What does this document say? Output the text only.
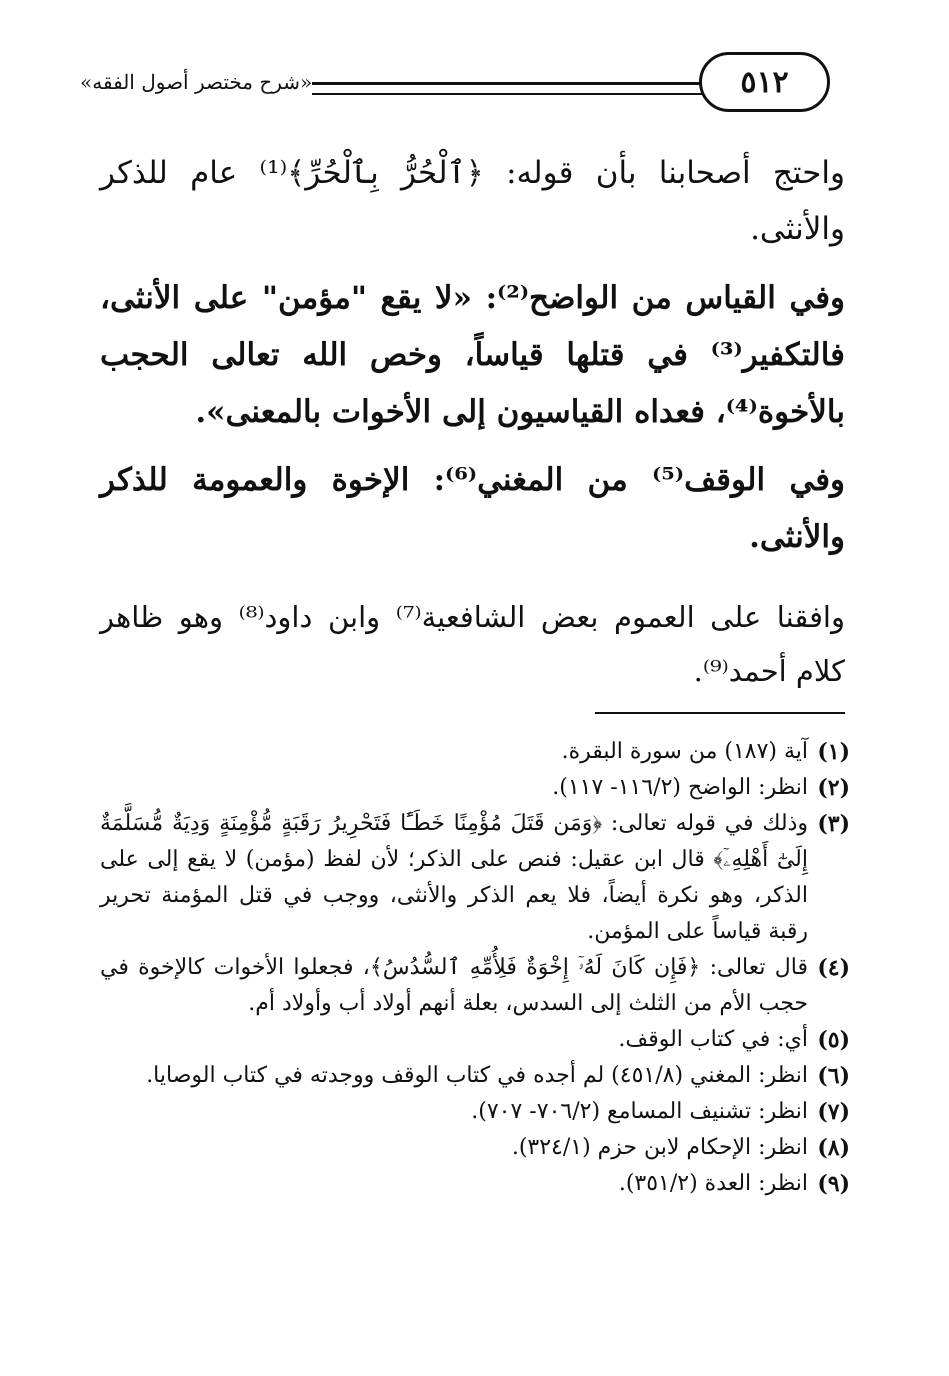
«شرح مختصر أصول الفقه»	٥١٢
واحتج أصحابنا بأن قوله: ﴿ٱلْحُرُّ بِٱلْحُرِّ﴾⁽¹⁾ عام للذكر والأنثى.
وفي القياس من الواضح⁽²⁾: «لا يقع "مؤمن" على الأنثى، فالتكفير⁽³⁾ في قتلها قياساً، وخص الله تعالى الحجب بالأخوة⁽⁴⁾، فعداه القياسيون إلى الأخوات بالمعنى».
وفي الوقف⁽⁵⁾ من المغني⁽⁶⁾: الإخوة والعمومة للذكر والأنثى.
وافقنا على العموم بعض الشافعية⁽⁷⁾ وابن داود⁽⁸⁾ وهو ظاهر كلام أحمد⁽⁹⁾.
(١)
آية (١٨٧) من سورة البقرة.
(٢)
انظر: الواضح (١١٦/٢- ١١٧).
(٣)
وذلك في قوله تعالى: ﴿وَمَن قَتَلَ مُؤْمِنًا خَطَـًٔا فَتَحْرِيرُ رَقَبَةٍ مُّؤْمِنَةٍ وَدِيَةٌ مُّسَلَّمَةٌ إِلَىٰٓ أَهْلِهِۦٓ﴾ قال ابن عقيل: فنص على الذكر؛ لأن لفظ (مؤمن) لا يقع إلى على الذكر، وهو نكرة أيضاً، فلا يعم الذكر والأنثى، ووجب في قتل المؤمنة تحرير رقبة قياساً على المؤمن.
(٤)
قال تعالى: ﴿فَإِن كَانَ لَهُۥٓ إِخْوَةٌ فَلِأُمِّهِ ٱلسُّدُسُ﴾، فجعلوا الأخوات كالإخوة في حجب الأم من الثلث إلى السدس، بعلة أنهم أولاد أب وأولاد أم.
(٥)
أي: في كتاب الوقف.
(٦)
انظر: المغني (٤٥١/٨) لم أجده في كتاب الوقف ووجدته في كتاب الوصايا.
(٧)
انظر: تشنيف المسامع (٧٠٦/٢- ٧٠٧).
(٨)
انظر: الإحكام لابن حزم (٣٢٤/١).
(٩)
انظر: العدة (٣٥١/٢).
